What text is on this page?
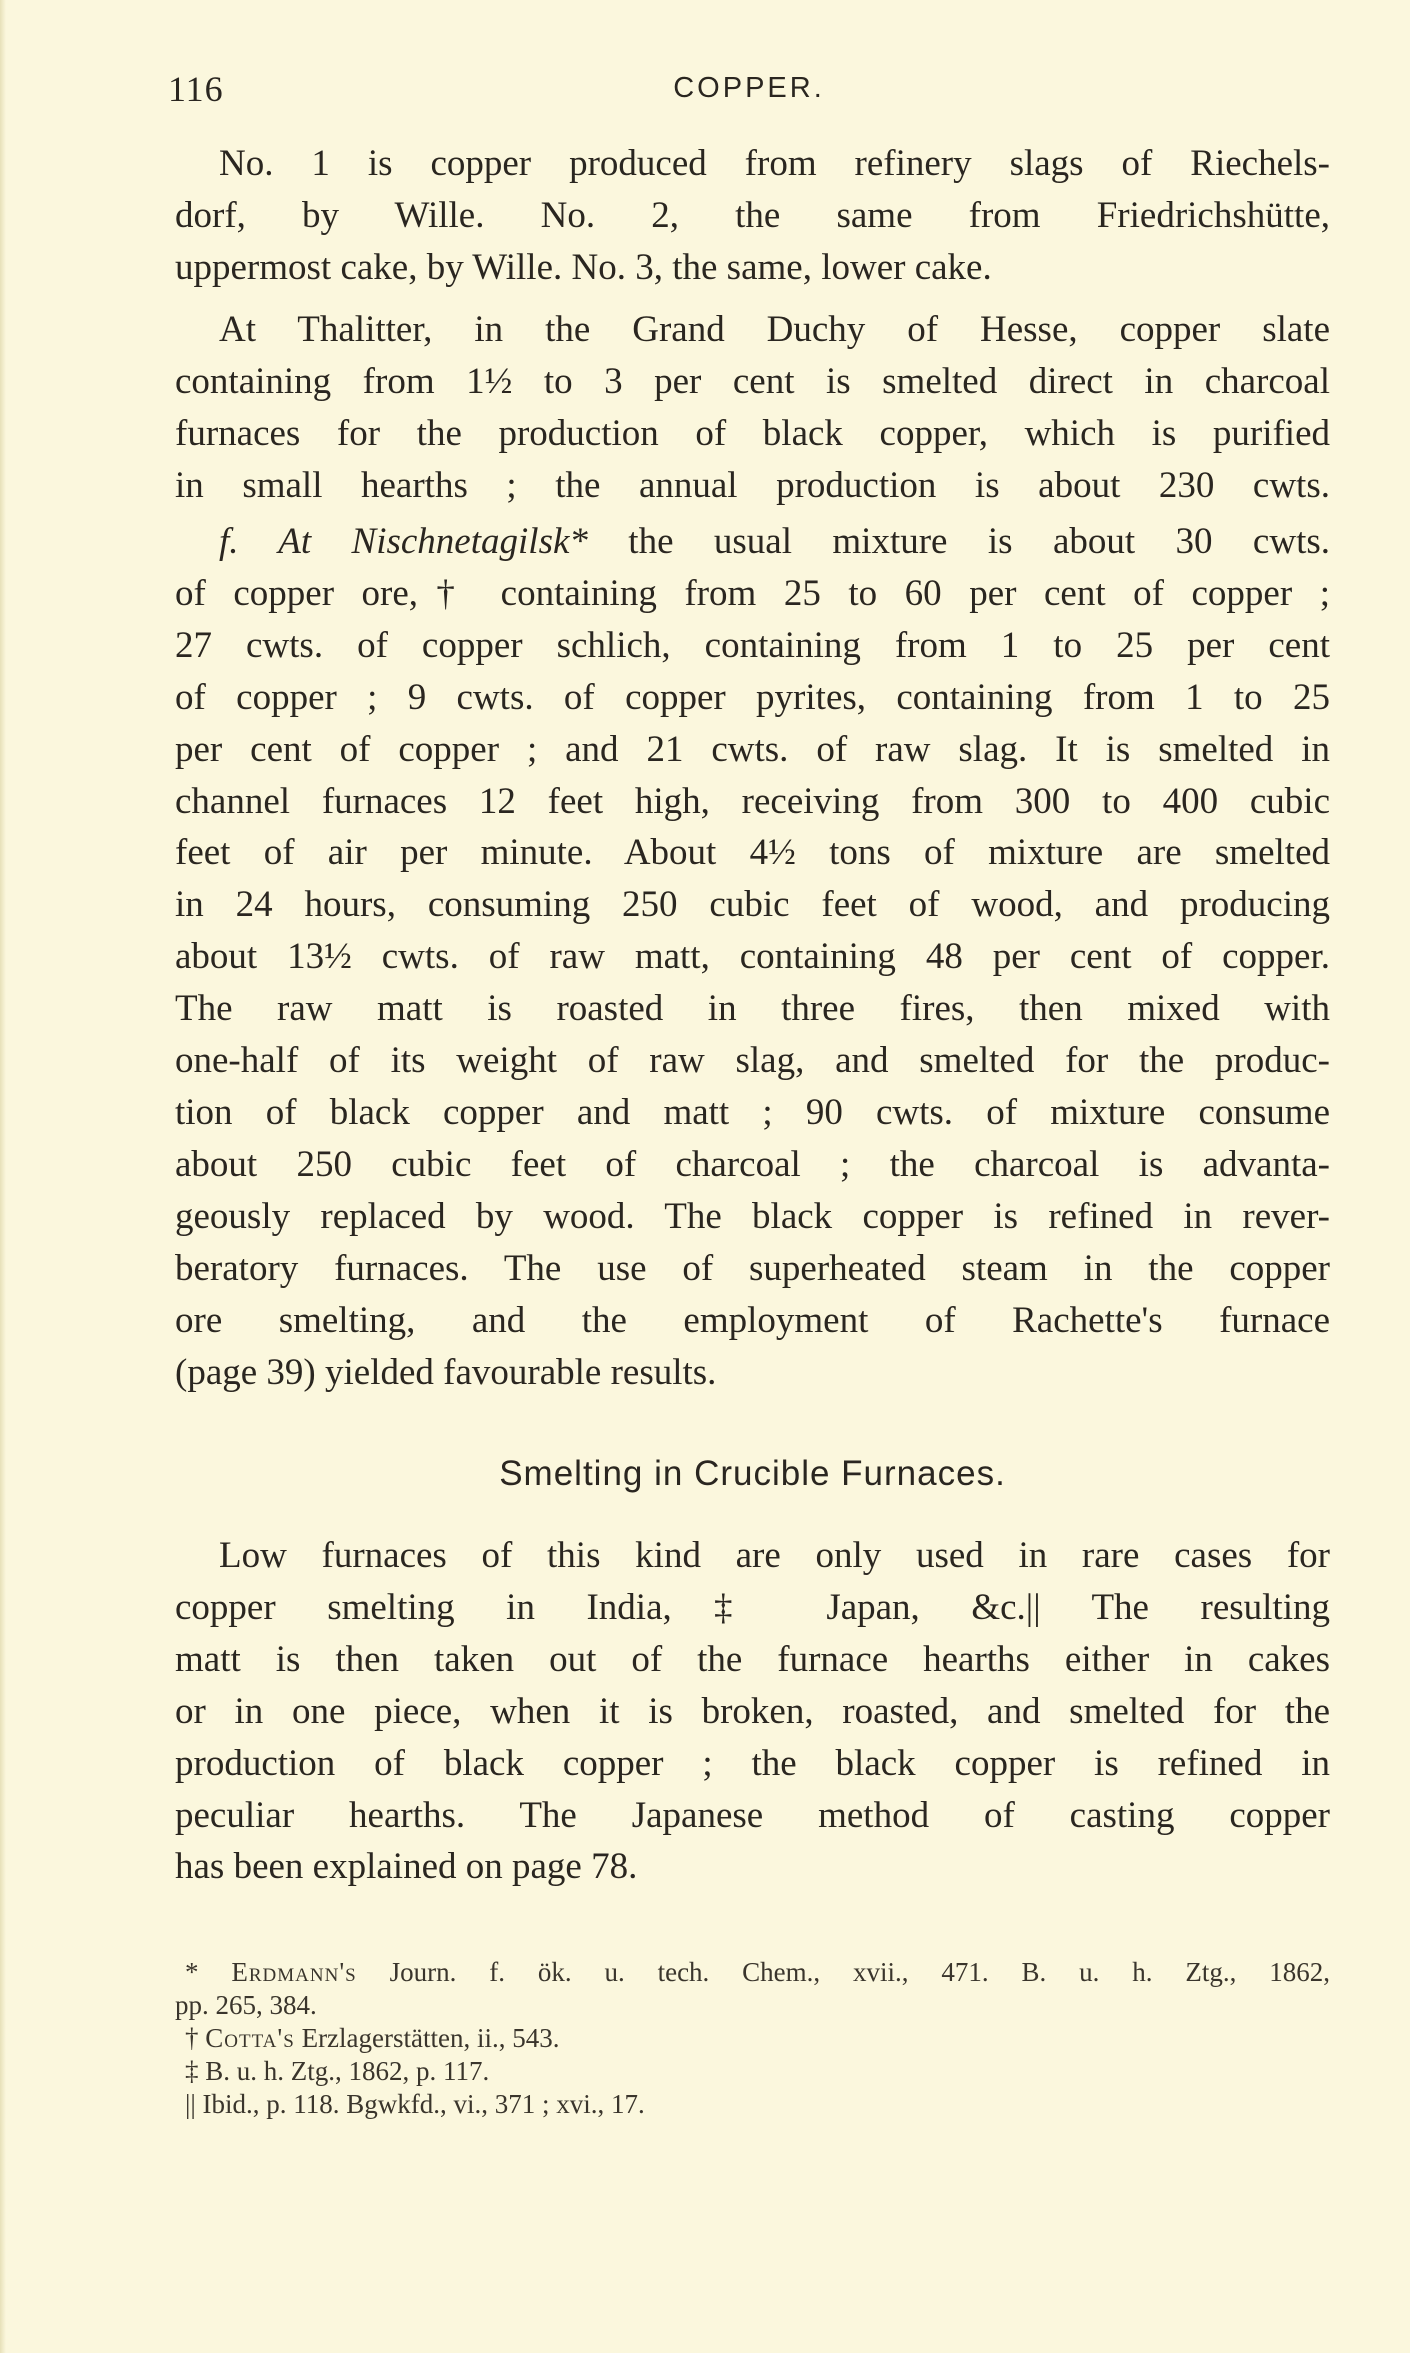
116	COPPER.
No. 1 is copper produced from refinery slags of Riechels-
dorf, by Wille. No. 2, the same from Friedrichshütte,
uppermost cake, by Wille. No. 3, the same, lower cake.
At Thalitter, in the Grand Duchy of Hesse, copper slate
containing from 1½ to 3 per cent is smelted direct in charcoal
furnaces for the production of black copper, which is purified
in small hearths ; the annual production is about 230 cwts.
f. At Nischnetagilsk* the usual mixture is about 30 cwts.
of copper ore,† containing from 25 to 60 per cent of copper ;
27 cwts. of copper schlich, containing from 1 to 25 per cent
of copper ; 9 cwts. of copper pyrites, containing from 1 to 25
per cent of copper ; and 21 cwts. of raw slag. It is smelted in
channel furnaces 12 feet high, receiving from 300 to 400 cubic
feet of air per minute. About 4½ tons of mixture are smelted
in 24 hours, consuming 250 cubic feet of wood, and producing
about 13½ cwts. of raw matt, containing 48 per cent of copper.
The raw matt is roasted in three fires, then mixed with
one-half of its weight of raw slag, and smelted for the produc-
tion of black copper and matt ; 90 cwts. of mixture consume
about 250 cubic feet of charcoal ; the charcoal is advanta-
geously replaced by wood. The black copper is refined in rever-
beratory furnaces. The use of superheated steam in the copper
ore smelting, and the employment of Rachette's furnace
(page 39) yielded favourable results.
Smelting in Crucible Furnaces.
Low furnaces of this kind are only used in rare cases for
copper smelting in India,‡ Japan, &c.|| The resulting
matt is then taken out of the furnace hearths either in cakes
or in one piece, when it is broken, roasted, and smelted for the
production of black copper ; the black copper is refined in
peculiar hearths. The Japanese method of casting copper
has been explained on page 78.
* Erdmann's Journ. f. ök. u. tech. Chem., xvii., 471. B. u. h. Ztg., 1862,
pp. 265, 384.
† Cotta's Erzlagerstätten, ii., 543.
‡ B. u. h. Ztg., 1862, p. 117.
|| Ibid., p. 118. Bgwkfd., vi., 371 ; xvi., 17.
